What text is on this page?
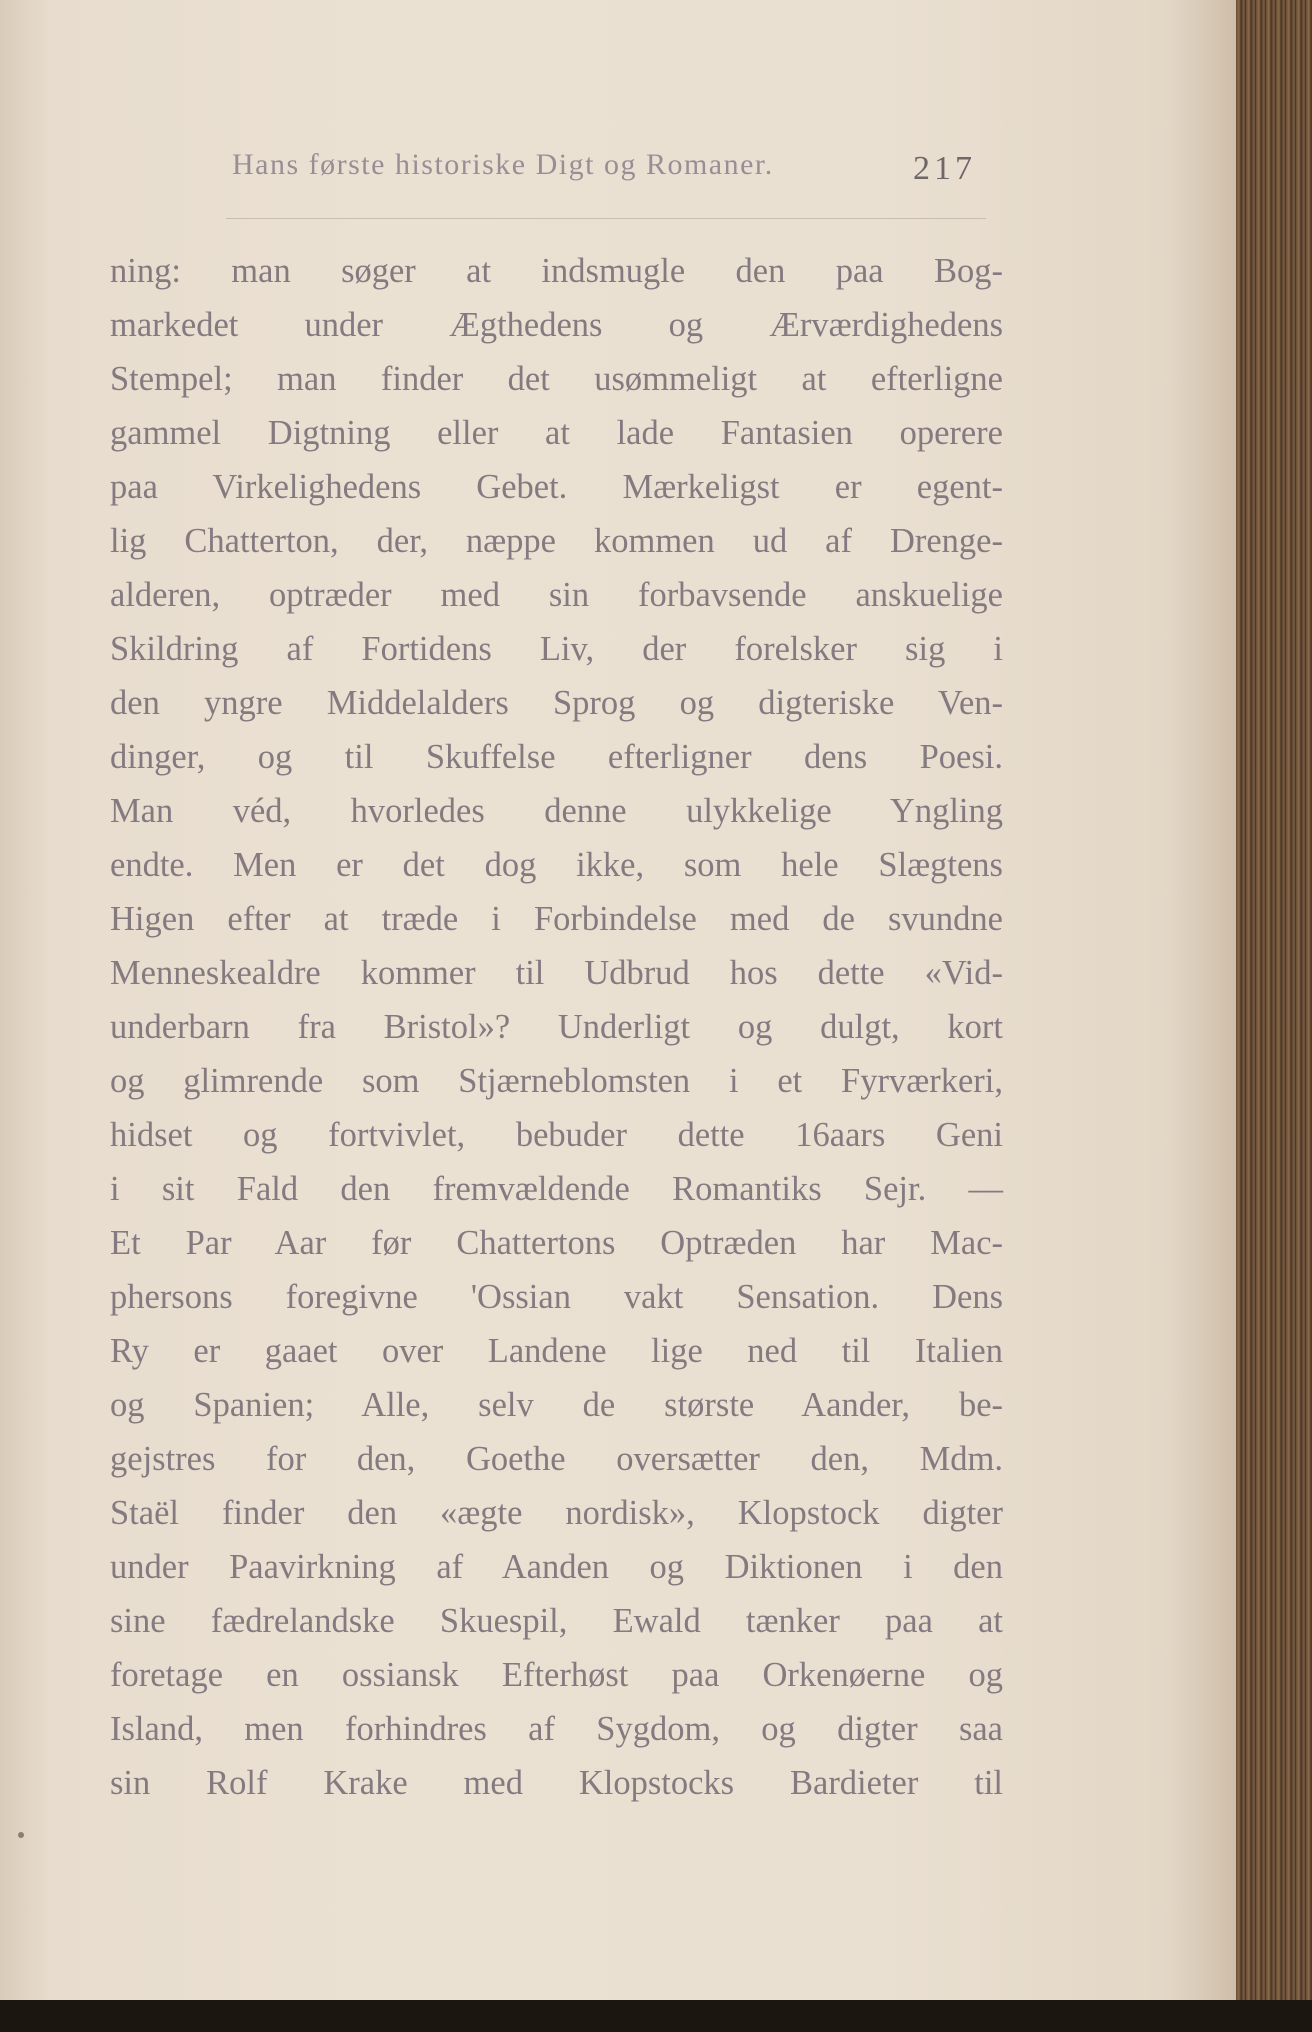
Hans første historiske Digt og Romaner.	217
ning: man søger at indsmugle den paa Bog-
markedet under Ægthedens og Ærværdighedens
Stempel; man finder det usømmeligt at efterligne
gammel Digtning eller at lade Fantasien operere
paa Virkelighedens Gebet. Mærkeligst er egent-
lig Chatterton, der, næppe kommen ud af Drenge-
alderen, optræder med sin forbavsende anskuelige
Skildring af Fortidens Liv, der forelsker sig i
den yngre Middelalders Sprog og digteriske Ven-
dinger, og til Skuffelse efterligner dens Poesi.
Man véd, hvorledes denne ulykkelige Yngling
endte. Men er det dog ikke, som hele Slægtens
Higen efter at træde i Forbindelse med de svundne
Menneskealdre kommer til Udbrud hos dette «Vid-
underbarn fra Bristol»? Underligt og dulgt, kort
og glimrende som Stjærneblomsten i et Fyrværkeri,
hidset og fortvivlet, bebuder dette 16aars Geni
i sit Fald den fremvældende Romantiks Sejr. —
Et Par Aar før Chattertons Optræden har Mac-
phersons foregivne 'Ossian vakt Sensation. Dens
Ry er gaaet over Landene lige ned til Italien
og Spanien; Alle, selv de største Aander, be-
gejstres for den, Goethe oversætter den, Mdm.
Staël finder den «ægte nordisk», Klopstock digter
under Paavirkning af Aanden og Diktionen i den
sine fædrelandske Skuespil, Ewald tænker paa at
foretage en ossiansk Efterhøst paa Orkenøerne og
Island, men forhindres af Sygdom, og digter saa
sin Rolf Krake med Klopstocks Bardieter til
